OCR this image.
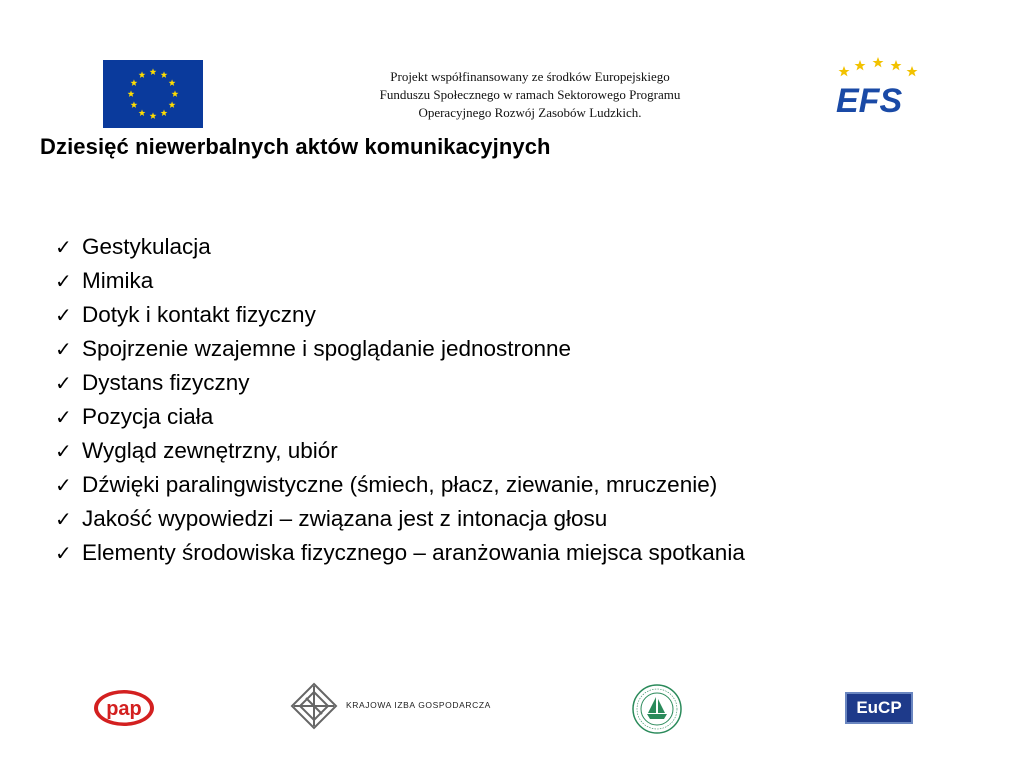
Projekt współfinansowany ze środków Europejskiego
Funduszu Społecznego w ramach Sektorowego Programu
Operacyjnego Rozwój Zasobów Ludzkich.	EFS
Dziesięć niewerbalnych aktów komunikacyjnych
✓ Gestykulacja
✓ Mimika
✓ Dotyk i kontakt fizyczny
✓ Spojrzenie wzajemne i spoglądanie jednostronne
✓ Dystans fizyczny
✓ Pozycja ciała
✓ Wygląd zewnętrzny, ubiór
✓ Dźwięki paralingwistyczne (śmiech, płacz, ziewanie, mruczenie)
✓ Jakość wypowiedzi – związana jest z intonacja głosu
✓ Elementy środowiska fizycznego – aranżowania miejsca spotkania
pap	KRAJOWA IZBA GOSPODARCZA	EuCP
